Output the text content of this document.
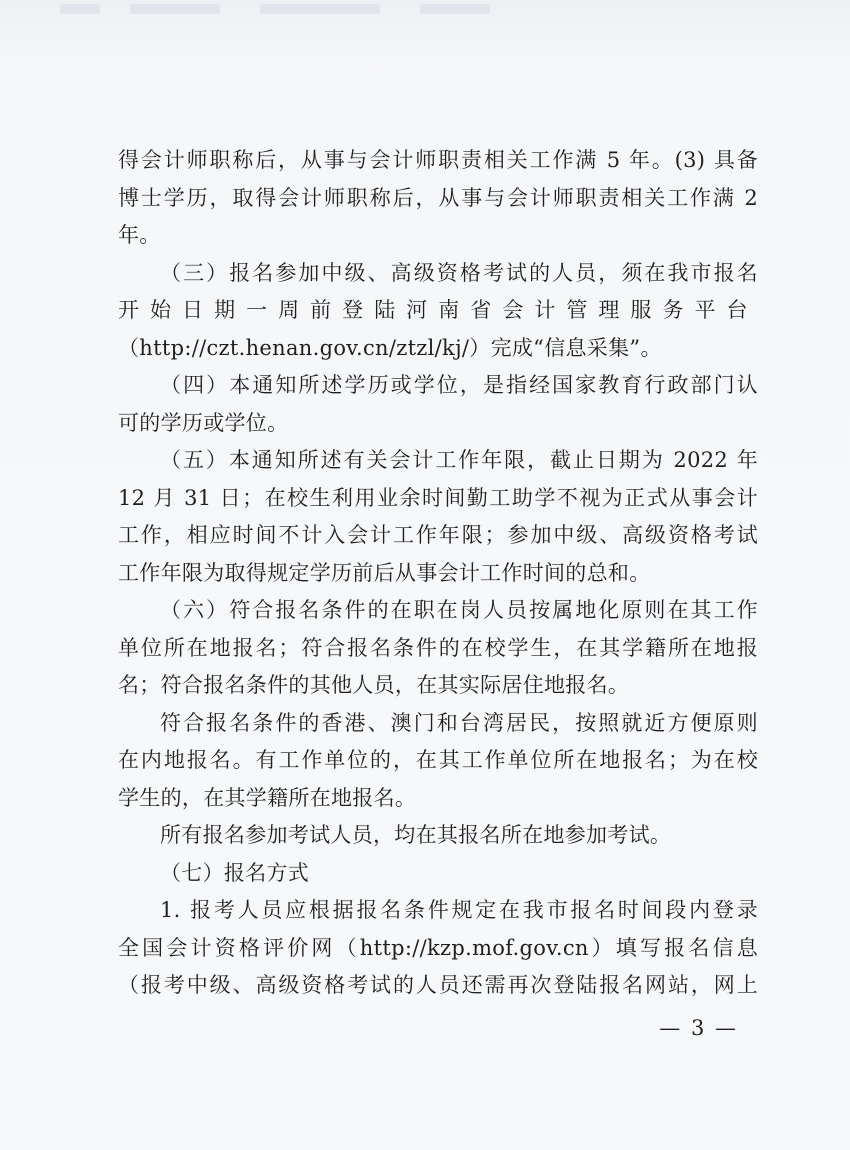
得会计师职称后，从事与会计师职责相关工作满 5 年。(3) 具备
博士学历，取得会计师职称后，从事与会计师职责相关工作满 2
年。
（三）报名参加中级、高级资格考试的人员，须在我市报名
开始日期一周前登陆河南省会计管理服务平台
（http://czt.henan.gov.cn/ztzl/kj/）完成“信息采集”。
（四）本通知所述学历或学位，是指经国家教育行政部门认
可的学历或学位。
（五）本通知所述有关会计工作年限，截止日期为 2022 年
12 月 31 日；在校生利用业余时间勤工助学不视为正式从事会计
工作，相应时间不计入会计工作年限；参加中级、高级资格考试
工作年限为取得规定学历前后从事会计工作时间的总和。
（六）符合报名条件的在职在岗人员按属地化原则在其工作
单位所在地报名；符合报名条件的在校学生，在其学籍所在地报
名；符合报名条件的其他人员，在其实际居住地报名。
符合报名条件的香港、澳门和台湾居民，按照就近方便原则
在内地报名。有工作单位的，在其工作单位所在地报名；为在校
学生的，在其学籍所在地报名。
所有报名参加考试人员，均在其报名所在地参加考试。
（七）报名方式
1. 报考人员应根据报名条件规定在我市报名时间段内登录
全国会计资格评价网（http://kzp.mof.gov.cn）填写报名信息
（报考中级、高级资格考试的人员还需再次登陆报名网站，网上
— 3 —
